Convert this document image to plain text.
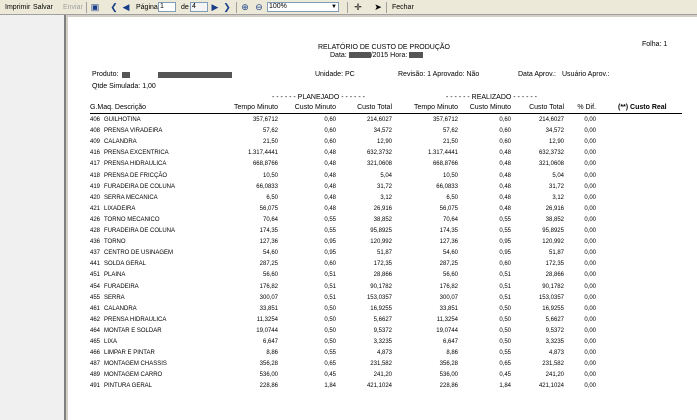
Imprimir Salvar Enviar ▣ ❮ ◀ Página 1	de 4	▶ ❯ ⊕ ⊖ 100%	▼ ✛ ➤ Fechar
Folha: 1
RELATÓRIO DE CUSTO DE PRODUÇÃO
Data:	/2015 Hora:
Produto:	Unidade: PC	Revisão: 1 Aprovado: Não	Data Aprov.: Usuário Aprov.:
Qtde Simulada: 1,00
- - - - - - PLANEJADO - - - - - -	- - - - - - REALIZADO - - - - - -
G.Maq. Descrição	Tempo Minuto	Custo Minuto	Custo Total	Tempo Minuto	Custo Minuto	Custo Total	% Dif.	(**) Custo Real
406 GUILHOTINA	357,6712	0,60	214,6027	357,6712	0,60	214,6027	0,00
408 PRENSA VIRADEIRA	57,62	0,60	34,572	57,62	0,60	34,572	0,00
409 CALANDRA	21,50	0,60	12,90	21,50	0,60	12,90	0,00
416 PRENSA EXCENTRICA	1.317,4441	0,48	632,3732	1.317,4441	0,48	632,3732	0,00
417 PRENSA HIDRAULICA	668,8766	0,48	321,0608	668,8766	0,48	321,0608	0,00
418 PRENSA DE FRICÇÃO	10,50	0,48	5,04	10,50	0,48	5,04	0,00
419 FURADEIRA DE COLUNA	66,0833	0,48	31,72	66,0833	0,48	31,72	0,00
420 SERRA MECANICA	6,50	0,48	3,12	6,50	0,48	3,12	0,00
421 LIXADEIRA	56,075	0,48	26,916	56,075	0,48	26,916	0,00
426 TORNO MECANICO	70,64	0,55	38,852	70,64	0,55	38,852	0,00
428 FURADEIRA DE COLUNA	174,35	0,55	95,8925	174,35	0,55	95,8925	0,00
436 TORNO	127,36	0,95	120,992	127,36	0,95	120,992	0,00
437 CENTRO DE USINAGEM	54,60	0,95	51,87	54,60	0,95	51,87	0,00
441 SOLDA GERAL	287,25	0,60	172,35	287,25	0,60	172,35	0,00
451 PLAINA	56,60	0,51	28,866	56,60	0,51	28,866	0,00
454 FURADEIRA	176,82	0,51	90,1782	176,82	0,51	90,1782	0,00
455 SERRA	300,07	0,51	153,0357	300,07	0,51	153,0357	0,00
461 CALANDRA	33,851	0,50	16,9255	33,851	0,50	16,9255	0,00
462 PRENSA HIDRAULICA	11,3254	0,50	5,6627	11,3254	0,50	5,6627	0,00
464 MONTAR E SOLDAR	19,0744	0,50	9,5372	19,0744	0,50	9,5372	0,00
465 LIXA	6,647	0,50	3,3235	6,647	0,50	3,3235	0,00
466 LIMPAR E PINTAR	8,86	0,55	4,873	8,86	0,55	4,873	0,00
487 MONTAGEM CHASSIS	356,28	0,65	231,582	356,28	0,65	231,582	0,00
489 MONTAGEM CARRO	536,00	0,45	241,20	536,00	0,45	241,20	0,00
491 PINTURA GERAL	228,86	1,84	421,1024	228,86	1,84	421,1024	0,00
